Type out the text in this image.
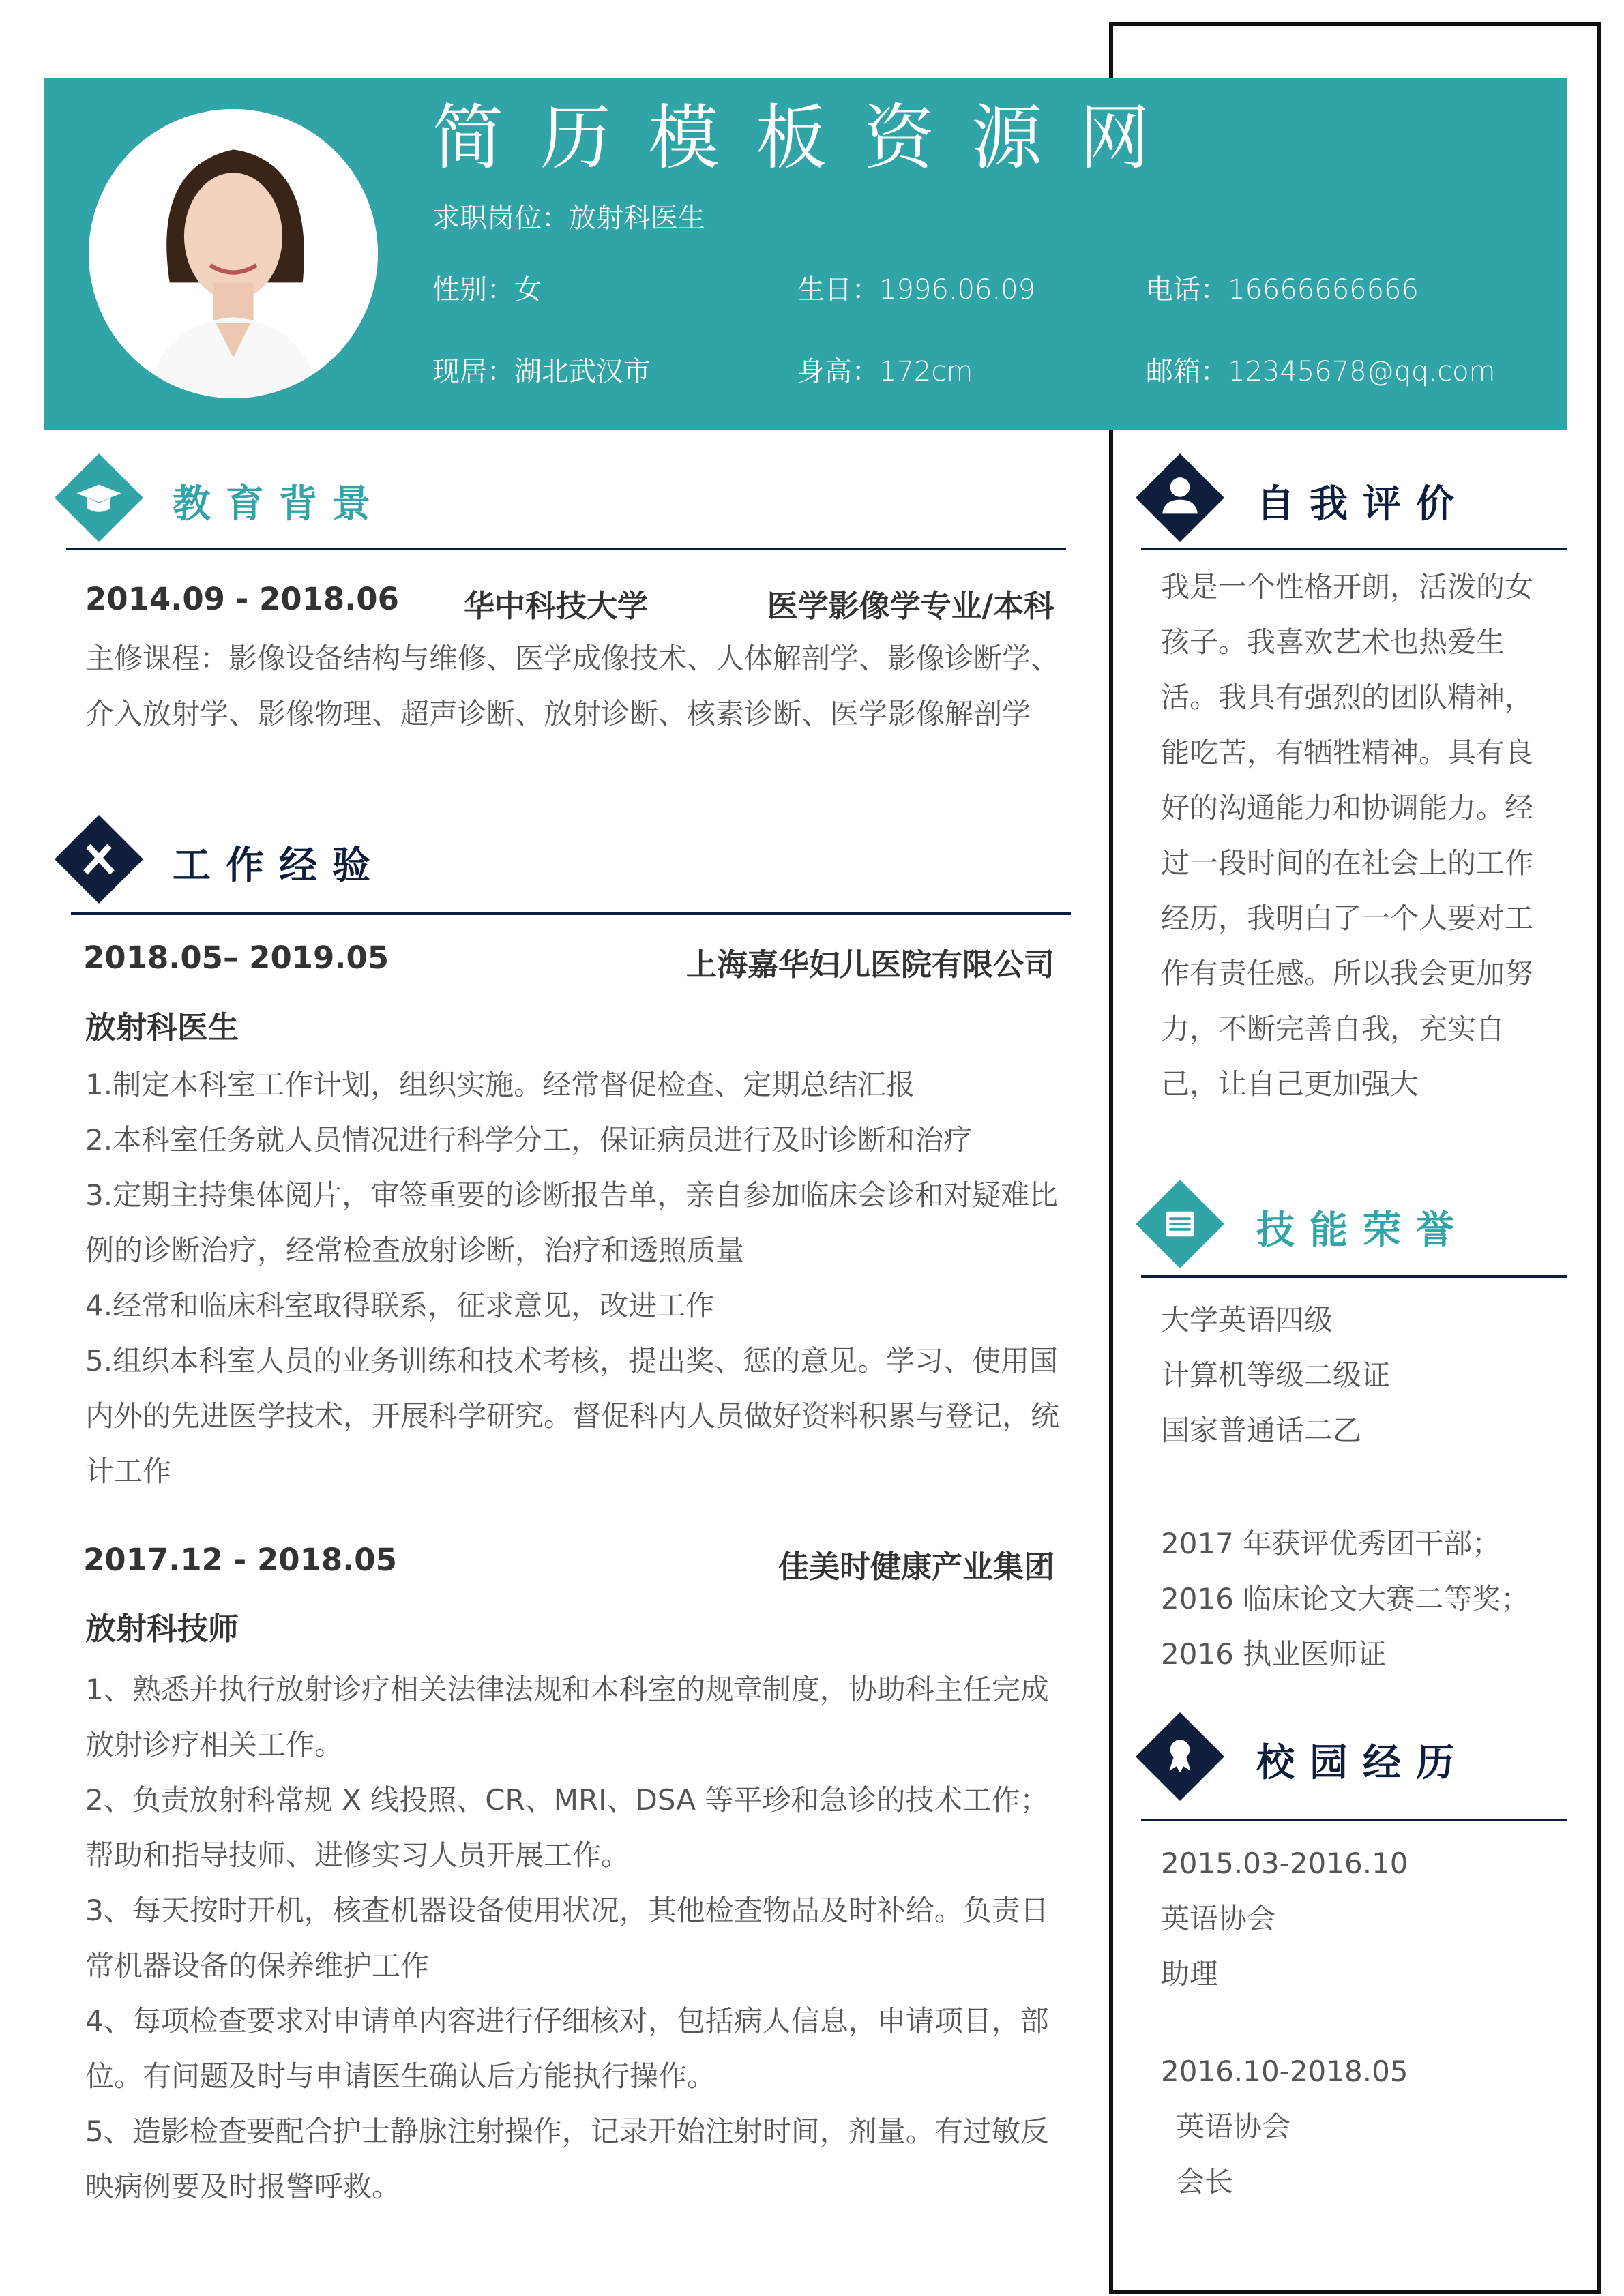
简历模板资源网
求职岗位：放射科医生
性别：女	生日：1996.06.09	电话：16666666666
现居：湖北武汉市	身高：172cm	邮箱：12345678@qq.com
教育背景
2014.09 - 2018.06 华中科技大学	医学影像学专业/本科
主修课程：影像设备结构与维修、医学成像技术、人体解剖学、影像诊断学、介入放射学、影像物理、超声诊断、放射诊断、核素诊断、医学影像解剖学
工作经验
2018.05– 2019.05	上海嘉华妇儿医院有限公司
放射科医生
1.制定本科室工作计划，组织实施。经常督促检查、定期总结汇报
2.本科室任务就人员情况进行科学分工，保证病员进行及时诊断和治疗
3.定期主持集体阅片，审签重要的诊断报告单，亲自参加临床会诊和对疑难比例的诊断治疗，经常检查放射诊断，治疗和透照质量
4.经常和临床科室取得联系，征求意见，改进工作
5.组织本科室人员的业务训练和技术考核，提出奖、惩的意见。学习、使用国内外的先进医学技术，开展科学研究。督促科内人员做好资料积累与登记，统计工作
2017.12 - 2018.05	佳美时健康产业集团
放射科技师
1、熟悉并执行放射诊疗相关法律法规和本科室的规章制度，协助科主任完成放射诊疗相关工作。
2、负责放射科常规 X 线投照、CR、MRI、DSA 等平珍和急诊的技术工作；帮助和指导技师、进修实习人员开展工作。
3、每天按时开机，核查机器设备使用状况，其他检查物品及时补给。负责日常机器设备的保养维护工作
4、每项检查要求对申请单内容进行仔细核对，包括病人信息，申请项目，部位。有问题及时与申请医生确认后方能执行操作。
5、造影检查要配合护士静脉注射操作，记录开始注射时间，剂量。有过敏反映病例要及时报警呼救。
自我评价
我是一个性格开朗，活泼的女孩子。我喜欢艺术也热爱生活。我具有强烈的团队精神，能吃苦，有牺牲精神。具有良好的沟通能力和协调能力。经过一段时间的在社会上的工作经历，我明白了一个人要对工作有责任感。所以我会更加努力，不断完善自我，充实自己，让自己更加强大
技能荣誉
大学英语四级
计算机等级二级证
国家普通话二乙
2017 年获评优秀团干部；
2016 临床论文大赛二等奖；
2016 执业医师证
校园经历
2015.03-2016.10
英语协会
助理
2016.10-2018.05
英语协会
会长
